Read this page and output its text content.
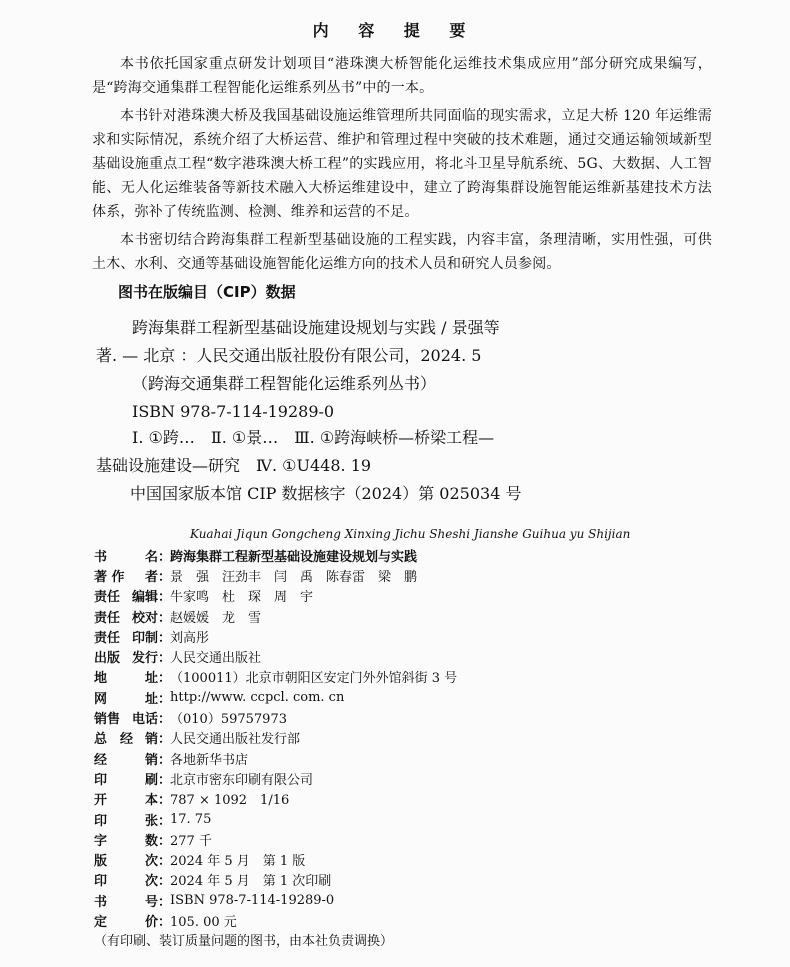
内 容 提 要

本书依托国家重点研发计划项目“港珠澳大桥智能化运维技术集成应用”部分研究成果编写，是“跨海交通集群工程智能化运维系列丛书”中的一本。

本书针对港珠澳大桥及我国基础设施运维管理所共同面临的现实需求，立足大桥 120 年运维需求和实际情况，系统介绍了大桥运营、维护和管理过程中突破的技术难题，通过交通运输领域新型基础设施重点工程“数字港珠澳大桥工程”的实践应用，将北斗卫星导航系统、5G、大数据、人工智能、无人化运维装备等新技术融入大桥运维建设中，建立了跨海集群设施智能运维新基建技术方法体系，弥补了传统监测、检测、维养和运营的不足。

本书密切结合跨海集群工程新型基础设施的工程实践，内容丰富，条理清晰，实用性强，可供土木、水利、交通等基础设施智能化运维方向的技术人员和研究人员参阅。

图书在版编目（CIP）数据
跨海集群工程新型基础设施建设规划与实践 / 景强等
著. — 北京 ：人民交通出版社股份有限公司，2024. 5
（跨海交通集群工程智能化运维系列丛书）
ISBN 978-7-114-19289-0
Ⅰ. ①跨…　Ⅱ. ①景…　Ⅲ. ①跨海峡桥—桥梁工程—
基础设施建设—研究　Ⅳ. ①U448. 19
中国国家版本馆 CIP 数据核字（2024）第 025034 号
Kuahai Jiqun Gongcheng Xinxing Jichu Sheshi Jianshe Guihua yu Shijian
书	名 ：
跨海集群工程新型基础设施建设规划与实践
著 作 者 ：
景　强　汪劲丰　闫　禹　陈春雷　梁　鹏
责任 编辑 ：
牛家鸣　杜　琛　周　宇
责任 校对 ：
赵媛媛　龙　雪
责任 印制 ：
刘高彤
出版 发行 ：
人民交通出版社
地	址 ：
（100011）北京市朝阳区安定门外外馆斜街 3 号
网	址 ：
http://www. ccpcl. com. cn
销售 电话 ：
（010）59757973
总　经 销 ：
人民交通出版社发行部
经	销 ：
各地新华书店
印	刷 ：
北京市密东印刷有限公司
开	本 ：
787 × 1092　1/16
印	张 ：
17. 75
字	数 ：
277 千
版	次 ：
2024 年 5 月　第 1 版
印	次 ：
2024 年 5 月　第 1 次印刷
书	号 ：
ISBN 978-7-114-19289-0
定	价 ：
105. 00 元
（有印刷、装订质量问题的图书，由本社负责调换）
